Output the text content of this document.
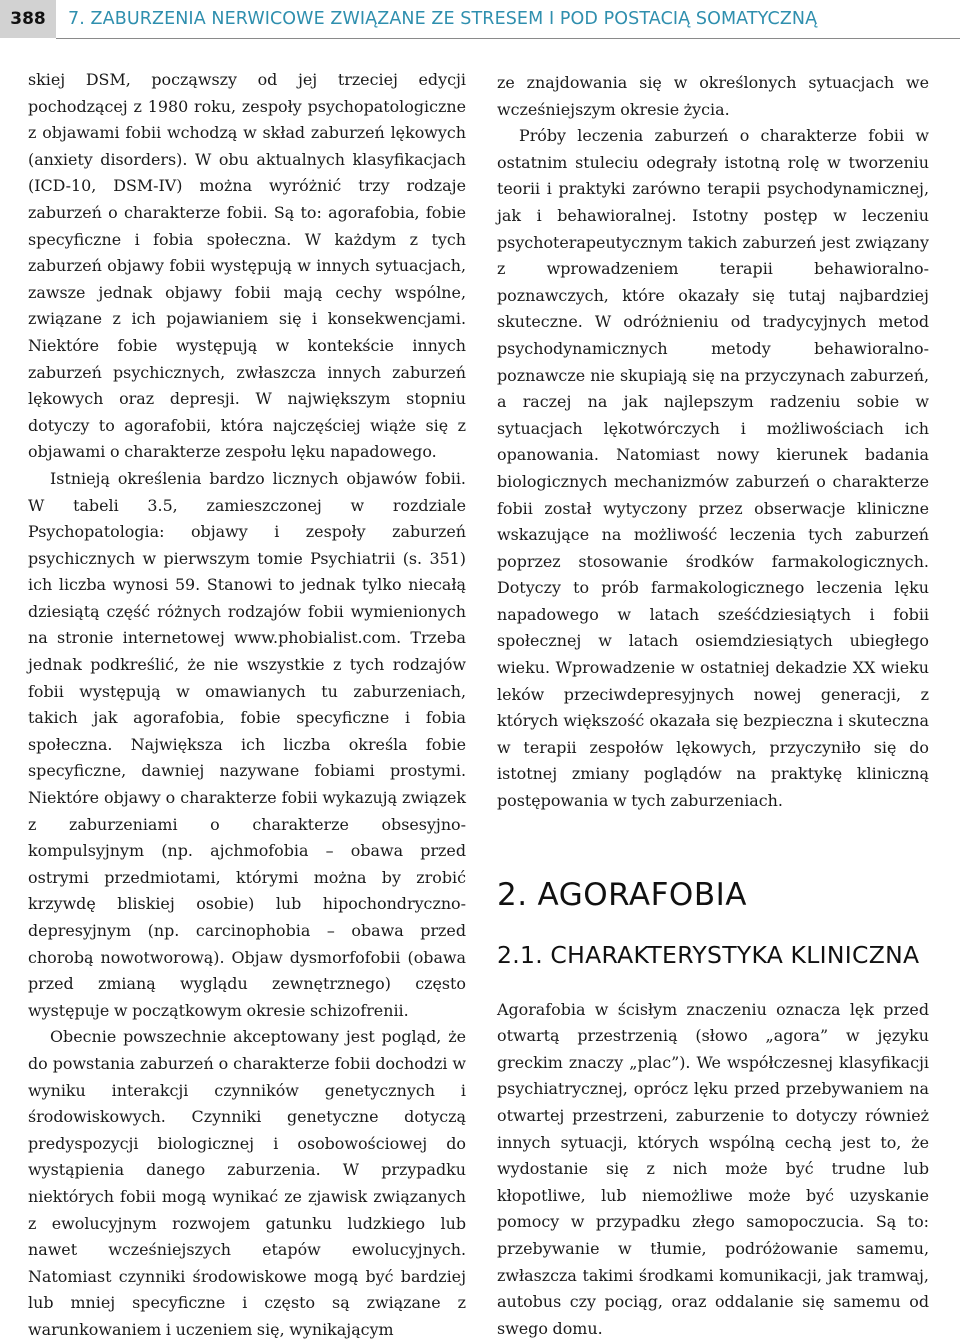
388	7. ZABURZENIA NERWICOWE ZWIĄZANE ZE STRESEM I POD POSTACIĄ SOMATYCZNĄ

skiej DSM, począwszy od jej trzeciej edycji pochodzącej z 1980 roku, zespoły psychopatologiczne z objawami fobii wchodzą w skład zaburzeń lękowych (anxiety disorders). W obu aktualnych klasyfikacjach (ICD-10, DSM-IV) można wyróżnić trzy rodzaje zaburzeń o charakterze fobii. Są to: agorafobia, fobie specyficzne i fobia społeczna. W każdym z tych zaburzeń objawy fobii występują w innych sytuacjach, zawsze jednak objawy fobii mają cechy wspólne, związane z ich pojawianiem się i konsekwencjami. Niektóre fobie występują w kontekście innych zaburzeń psychicznych, zwłaszcza innych zaburzeń lękowych oraz depresji. W największym stopniu dotyczy to agorafobii, która najczęściej wiąże się z objawami o charakterze zespołu lęku napadowego.

Istnieją określenia bardzo licznych objawów fobii. W tabeli 3.5, zamieszczonej w rozdziale Psychopatologia: objawy i zespoły zaburzeń psychicznych w pierwszym tomie Psychiatrii (s. 351) ich liczba wynosi 59. Stanowi to jednak tylko niecałą dziesiątą część różnych rodzajów fobii wymienionych na stronie internetowej www.phobialist.com. Trzeba jednak podkreślić, że nie wszystkie z tych rodzajów fobii występują w omawianych tu zaburzeniach, takich jak agorafobia, fobie specyficzne i fobia społeczna. Największa ich liczba określa fobie specyficzne, dawniej nazywane fobiami prostymi. Niektóre objawy o charakterze fobii wykazują związek z zaburzeniami o charakterze obsesyjno-kompulsyjnym (np. ajchmofobia – obawa przed ostrymi przedmiotami, którymi można by zrobić krzywdę bliskiej osobie) lub hipochondryczno-depresyjnym (np. carcinophobia – obawa przed chorobą nowotworową). Objaw dysmorfofobii (obawa przed zmianą wyglądu zewnętrznego) często występuje w początkowym okresie schizofrenii.

Obecnie powszechnie akceptowany jest pogląd, że do powstania zaburzeń o charakterze fobii dochodzi w wyniku interakcji czynników genetycznych i środowiskowych. Czynniki genetyczne dotyczą predyspozycji biologicznej i osobowościowej do wystąpienia danego zaburzenia. W przypadku niektórych fobii mogą wynikać ze zjawisk związanych z ewolucyjnym rozwojem gatunku ludzkiego lub nawet wcześniejszych etapów ewolucyjnych. Natomiast czynniki środowiskowe mogą być bardziej lub mniej specyficzne i często są związane z warunkowaniem i uczeniem się, wynikającym

ze znajdowania się w określonych sytuacjach we wcześniejszym okresie życia.

Próby leczenia zaburzeń o charakterze fobii w ostatnim stuleciu odegrały istotną rolę w tworzeniu teorii i praktyki zarówno terapii psychodynamicznej, jak i behawioralnej. Istotny postęp w leczeniu psychoterapeutycznym takich zaburzeń jest związany z wprowadzeniem terapii behawioralno-poznawczych, które okazały się tutaj najbardziej skuteczne. W odróżnieniu od tradycyjnych metod psychodynamicznych metody behawioralno-poznawcze nie skupiają się na przyczynach zaburzeń, a raczej na jak najlepszym radzeniu sobie w sytuacjach lękotwórczych i możliwościach ich opanowania. Natomiast nowy kierunek badania biologicznych mechanizmów zaburzeń o charakterze fobii został wytyczony przez obserwacje kliniczne wskazujące na możliwość leczenia tych zaburzeń poprzez stosowanie środków farmakologicznych. Dotyczy to prób farmakologicznego leczenia lęku napadowego w latach sześćdziesiątych i fobii społecznej w latach osiemdziesiątych ubiegłego wieku. Wprowadzenie w ostatniej dekadzie XX wieku leków przeciwdepresyjnych nowej generacji, z których większość okazała się bezpieczna i skuteczna w terapii zespołów lękowych, przyczyniło się do istotnej zmiany poglądów na praktykę kliniczną postępowania w tych zaburzeniach.

2. AGORAFOBIA
2.1. CHARAKTERYSTYKA KLINICZNA

Agorafobia w ścisłym znaczeniu oznacza lęk przed otwartą przestrzenią (słowo „agora” w języku greckim znaczy „plac”). We współczesnej klasyfikacji psychiatrycznej, oprócz lęku przed przebywaniem na otwartej przestrzeni, zaburzenie to dotyczy również innych sytuacji, których wspólną cechą jest to, że wydostanie się z nich może być trudne lub kłopotliwe, lub niemożliwe może być uzyskanie pomocy w przypadku złego samopoczucia. Są to: przebywanie w tłumie, podróżowanie samemu, zwłaszcza takimi środkami komunikacji, jak tramwaj, autobus czy pociąg, oraz oddalanie się samemu od swego domu.
